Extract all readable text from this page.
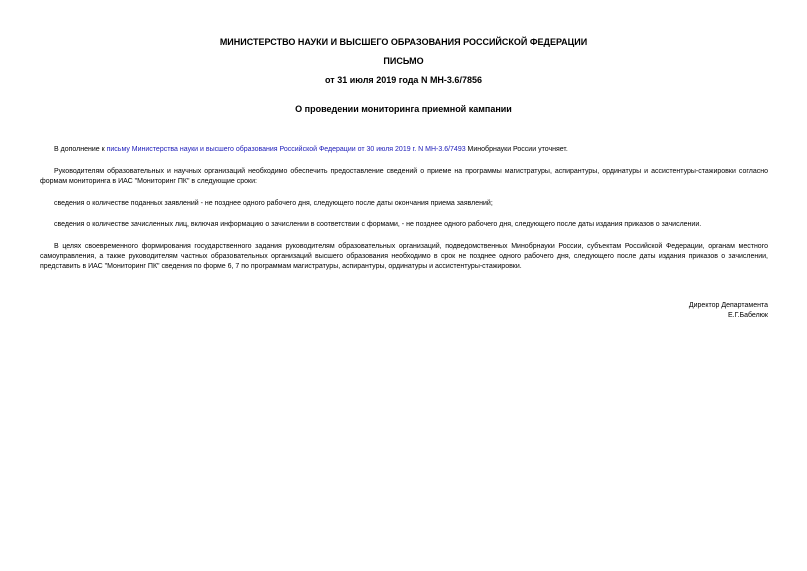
МИНИСТЕРСТВО НАУКИ И ВЫСШЕГО ОБРАЗОВАНИЯ РОССИЙСКОЙ ФЕДЕРАЦИИ

ПИСЬМО

от 31 июля 2019 года N МН-3.6/7856

О проведении мониторинга приемной кампании

В дополнение к письму Министерства науки и высшего образования Российской Федерации от 30 июля 2019 г. N МН-3.6/7493 Минобрнауки России уточняет.

Руководителям образовательных и научных организаций необходимо обеспечить предоставление сведений о приеме на программы магистратуры, аспирантуры, ординатуры и ассистентуры-стажировки согласно формам мониторинга в ИАС "Мониторинг ПК" в следующие сроки:

сведения о количестве поданных заявлений - не позднее одного рабочего дня, следующего после даты окончания приема заявлений;

сведения о количестве зачисленных лиц, включая информацию о зачислении в соответствии с формами, - не позднее одного рабочего дня, следующего после даты издания приказов о зачислении.

В целях своевременного формирования государственного задания руководителям образовательных организаций, подведомственных Минобрнауки России, субъектам Российской Федерации, органам местного самоуправления, а также руководителям частных образовательных организаций высшего образования необходимо в срок не позднее одного рабочего дня, следующего после даты издания приказов о зачислении, представить в ИАС "Мониторинг ПК" сведения по форме 6, 7 по программам магистратуры, аспирантуры, ординатуры и ассистентуры-стажировки.

Директор Департамента

Е.Г.Бабелюк
